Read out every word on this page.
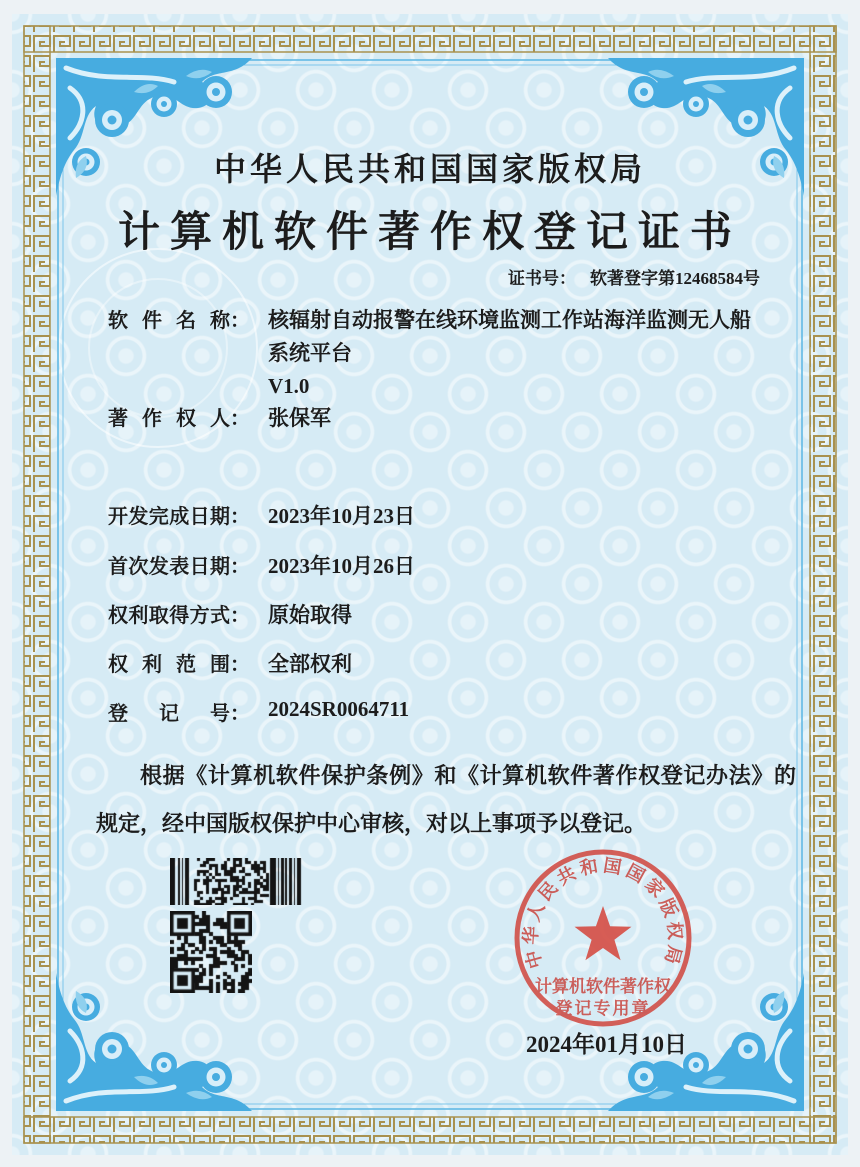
中华人民共和国国家版权局
计算机软件著作权登记证书
证书号： 软著登字第12468584号
软件名称： 核辐射自动报警在线环境监测工作站海洋监测无人船
系统平台
V1.0
著作权人： 张保军
开发完成日期： 2023年10月23日
首次发表日期： 2023年10月26日
权利取得方式： 原始取得
权利范围： 全部权利
登记号： 2024SR0064711
根据《计算机软件保护条例》和《计算机软件著作权登记办法》的规定，经中国版权保护中心审核，对以上事项予以登记。
中华人民共和国国家版权局
计算机软件著作权
登记专用章
2024年01月10日
